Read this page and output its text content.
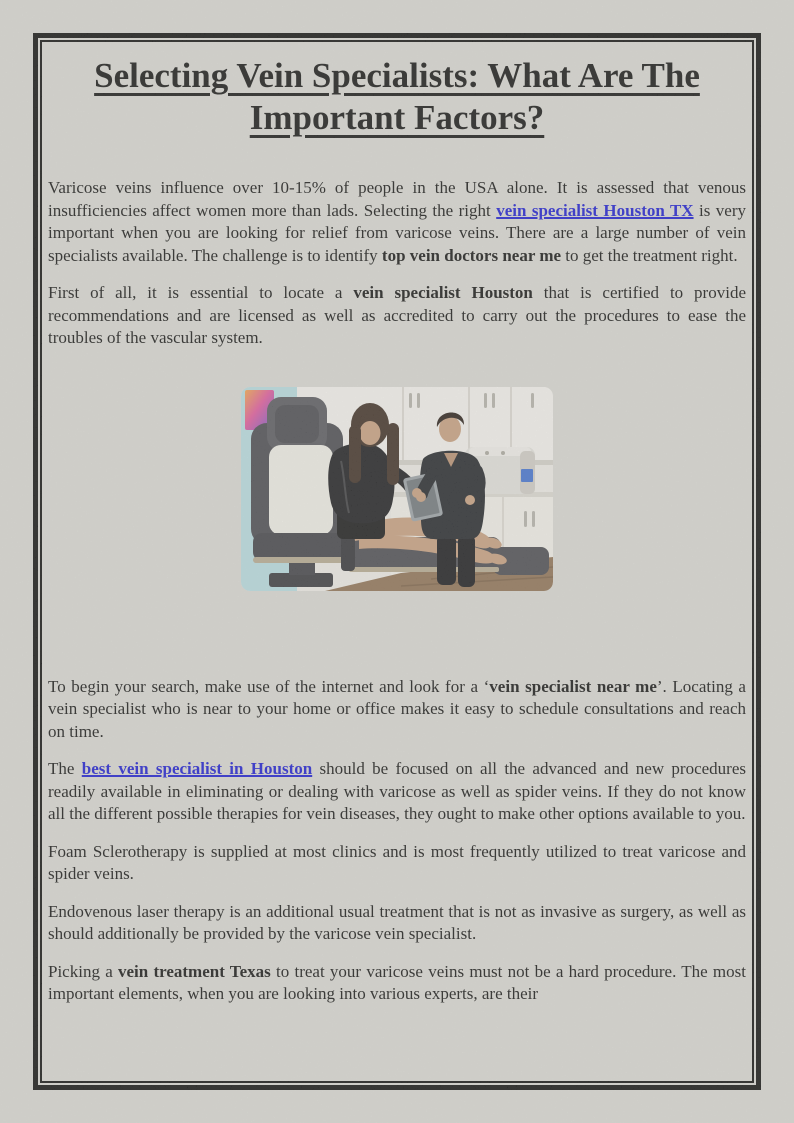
Selecting Vein Specialists: What Are The Important Factors?

Varicose veins influence over 10-15% of people in the USA alone. It is assessed that venous insufficiencies affect women more than lads. Selecting the right vein specialist Houston TX is very important when you are looking for relief from varicose veins. There are a large number of vein specialists available. The challenge is to identify top vein doctors near me to get the treatment right.

First of all, it is essential to locate a vein specialist Houston that is certified to provide recommendations and are licensed as well as accredited to carry out the procedures to ease the troubles of the vascular system.

To begin your search, make use of the internet and look for a ‘vein specialist near me’. Locating a vein specialist who is near to your home or office makes it easy to schedule consultations and reach on time.

The best vein specialist in Houston should be focused on all the advanced and new procedures readily available in eliminating or dealing with varicose as well as spider veins. If they do not know all the different possible therapies for vein diseases, they ought to make other options available to you.

Foam Sclerotherapy is supplied at most clinics and is most frequently utilized to treat varicose and spider veins.

Endovenous laser therapy is an additional usual treatment that is not as invasive as surgery, as well as should additionally be provided by the varicose vein specialist.

Picking a vein treatment Texas to treat your varicose veins must not be a hard procedure. The most important elements, when you are looking into various experts, are their
